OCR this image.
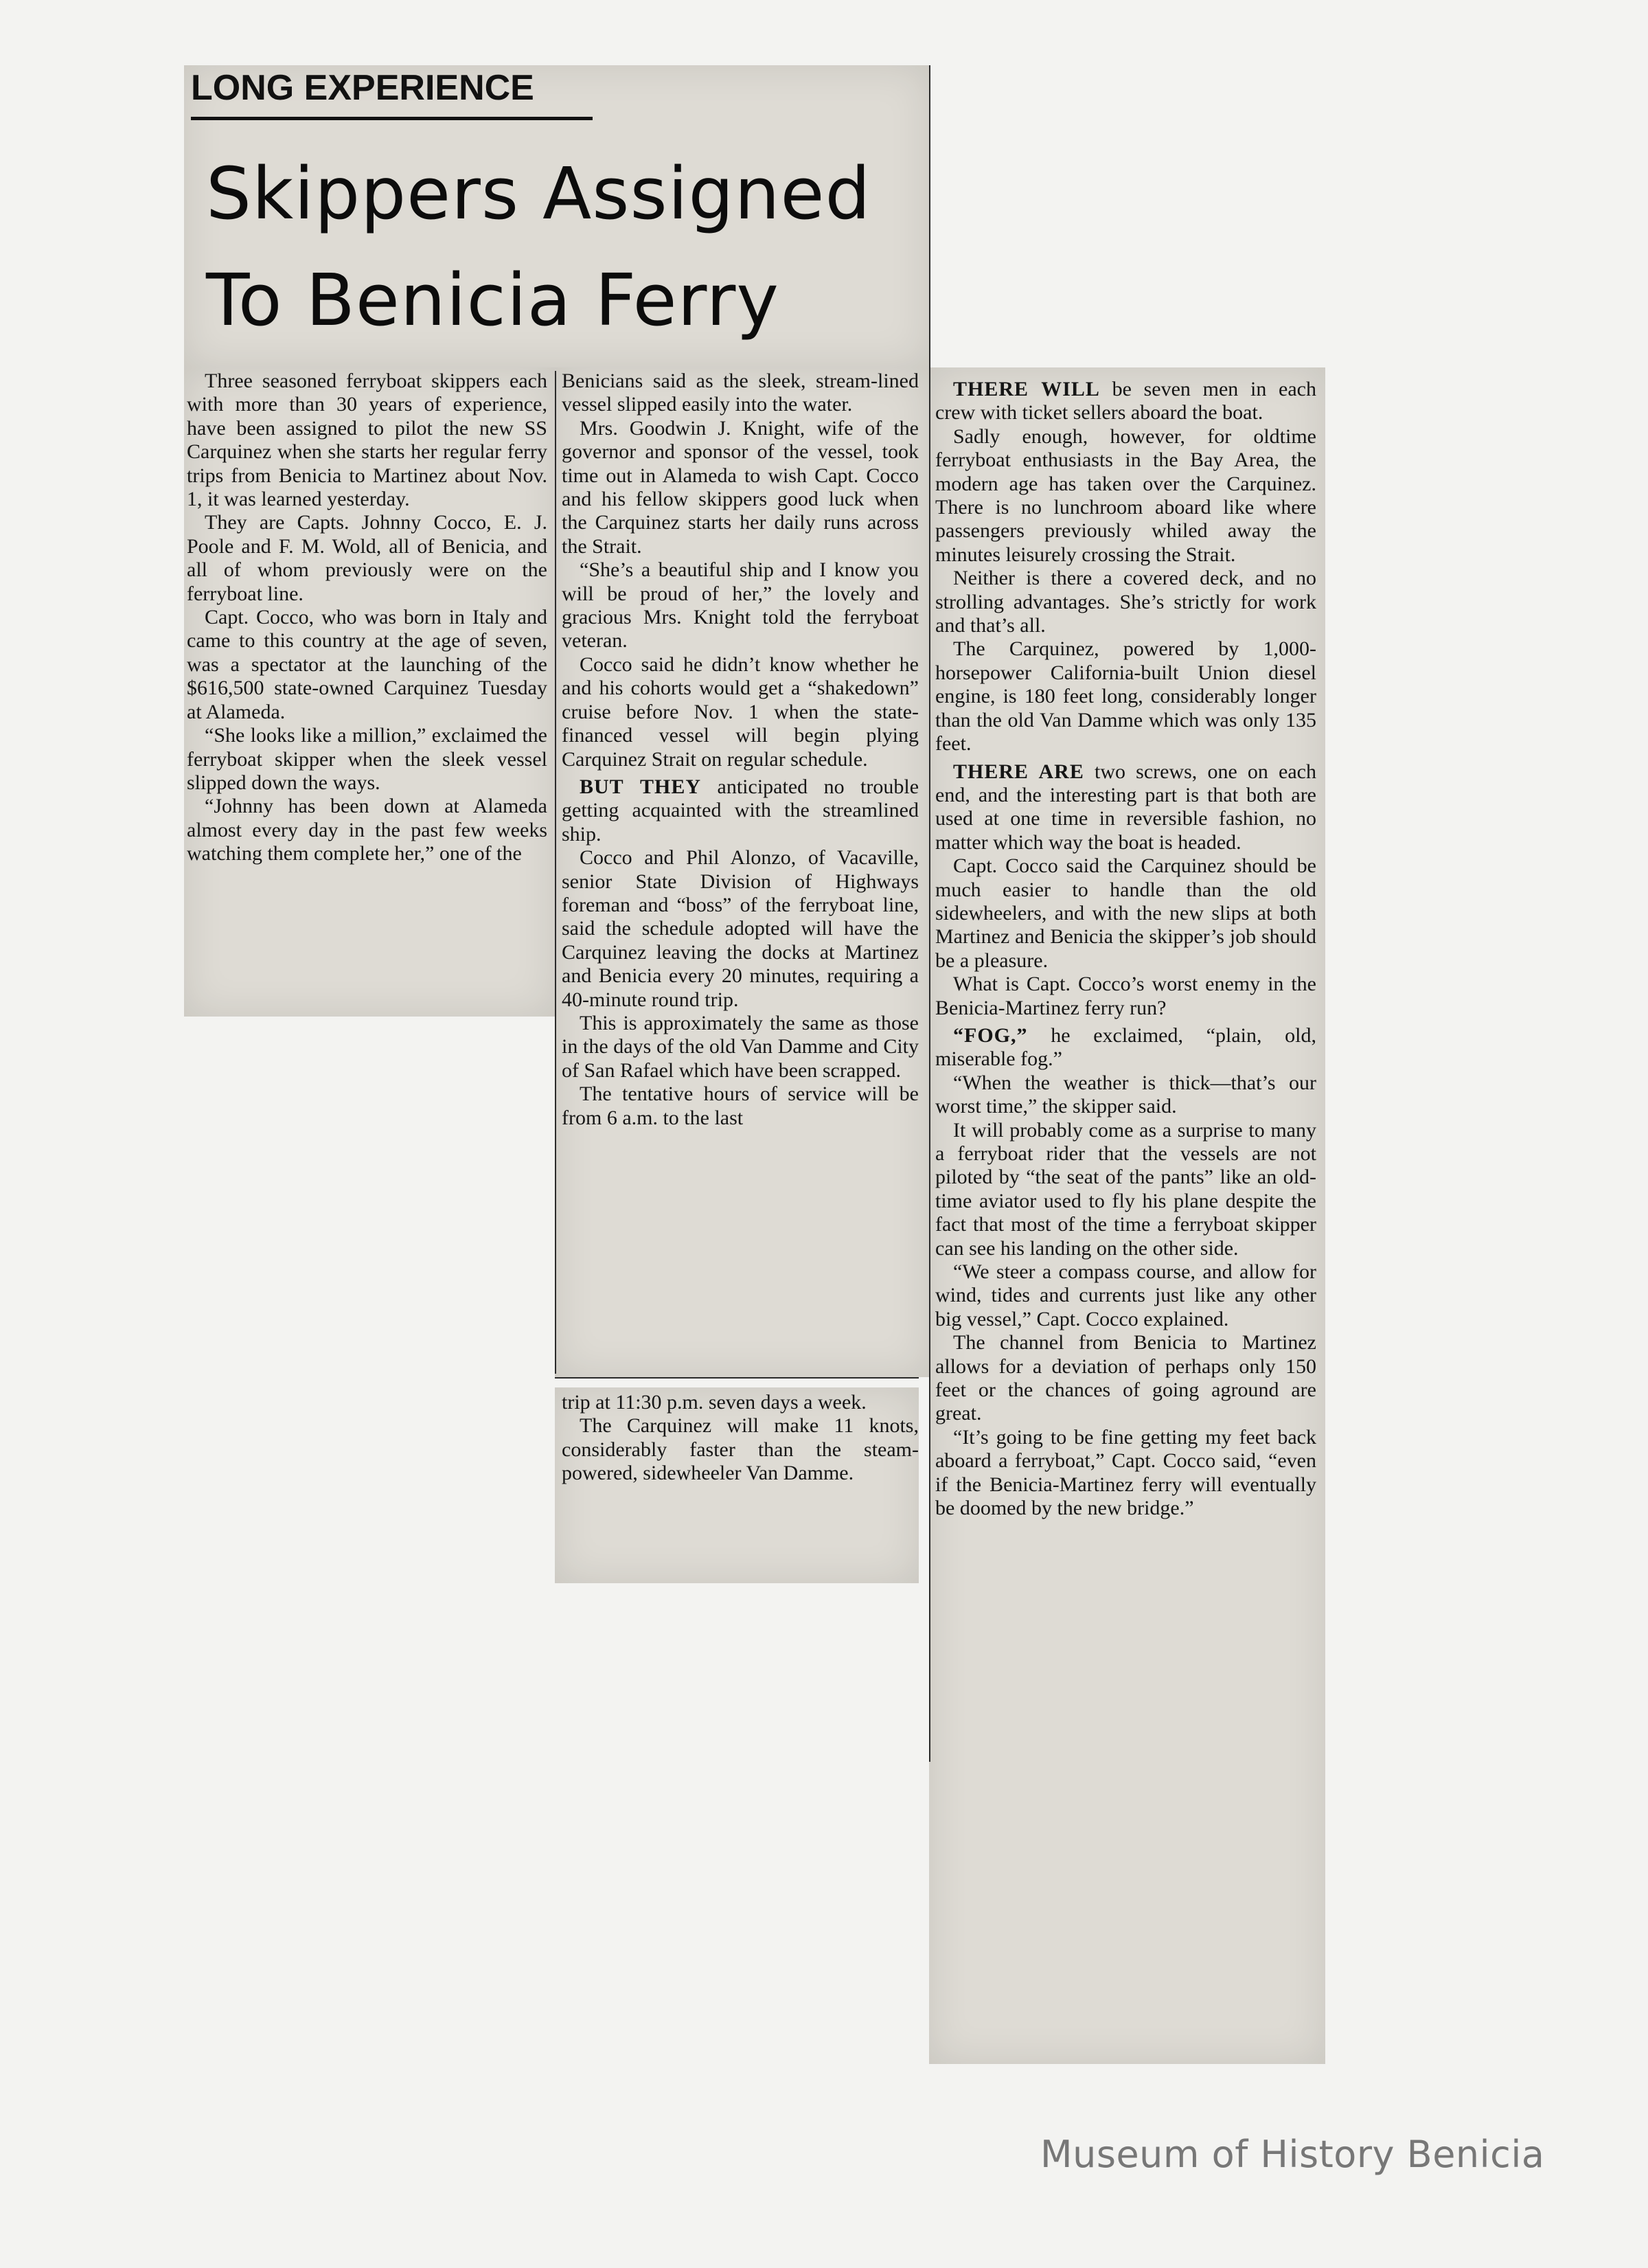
LONG EXPERIENCE

Skippers Assigned
To Benicia Ferry

Three seasoned ferryboat skippers each with more than 30 years of experience, have been assigned to pilot the new SS Carquinez when she starts her regular ferry trips from Benicia to Martinez about Nov. 1, it was learned yesterday.

They are Capts. Johnny Cocco, E. J. Poole and F. M. Wold, all of Benicia, and all of whom previously were on the ferryboat line.

Capt. Cocco, who was born in Italy and came to this country at the age of seven, was a spectator at the launching of the $616,500 state-owned Carquinez Tuesday at Alameda.

“She looks like a million,” exclaimed the ferryboat skipper when the sleek vessel slipped down the ways.

“Johnny has been down at Alameda almost every day in the past few weeks watching them complete her,” one of the

Benicians said as the sleek, stream-lined vessel slipped easily into the water.

Mrs. Goodwin J. Knight, wife of the governor and sponsor of the vessel, took time out in Alameda to wish Capt. Cocco and his fellow skippers good luck when the Carquinez starts her daily runs across the Strait.

“She’s a beautiful ship and I know you will be proud of her,” the lovely and gracious Mrs. Knight told the ferryboat veteran.

Cocco said he didn’t know whether he and his cohorts would get a “shakedown” cruise before Nov. 1 when the state-financed vessel will begin plying Carquinez Strait on regular schedule.

BUT THEY anticipated no trouble getting acquainted with the streamlined ship.

Cocco and Phil Alonzo, of Vacaville, senior State Division of Highways foreman and “boss” of the ferryboat line, said the schedule adopted will have the Carquinez leaving the docks at Martinez and Benicia every 20 minutes, requiring a 40-minute round trip.

This is approximately the same as those in the days of the old Van Damme and City of San Rafael which have been scrapped.

The tentative hours of service will be from 6 a.m. to the last

trip at 11:30 p.m. seven days a week.

The Carquinez will make 11 knots, considerably faster than the steam-powered, sidewheeler Van Damme.

THERE WILL be seven men in each crew with ticket sellers aboard the boat.

Sadly enough, however, for oldtime ferryboat enthusiasts in the Bay Area, the modern age has taken over the Carquinez. There is no lunchroom aboard like where passengers previously whiled away the minutes leisurely crossing the Strait.

Neither is there a covered deck, and no strolling advantages. She’s strictly for work and that’s all.

The Carquinez, powered by 1,000-horsepower California-built Union diesel engine, is 180 feet long, considerably longer than the old Van Damme which was only 135 feet.

THERE ARE two screws, one on each end, and the interesting part is that both are used at one time in reversible fashion, no matter which way the boat is headed.

Capt. Cocco said the Carquinez should be much easier to handle than the old sidewheelers, and with the new slips at both Martinez and Benicia the skipper’s job should be a pleasure.

What is Capt. Cocco’s worst enemy in the Benicia-Martinez ferry run?

“FOG,” he exclaimed, “plain, old, miserable fog.”

“When the weather is thick—that’s our worst time,” the skipper said.

It will probably come as a surprise to many a ferryboat rider that the vessels are not piloted by “the seat of the pants” like an old-time aviator used to fly his plane despite the fact that most of the time a ferryboat skipper can see his landing on the other side.

“We steer a compass course, and allow for wind, tides and currents just like any other big vessel,” Capt. Cocco explained.

The channel from Benicia to Martinez allows for a deviation of perhaps only 150 feet or the chances of going aground are great.

“It’s going to be fine getting my feet back aboard a ferryboat,” Capt. Cocco said, “even if the Benicia-Martinez ferry will eventually be doomed by the new bridge.”

Museum of History Benicia
